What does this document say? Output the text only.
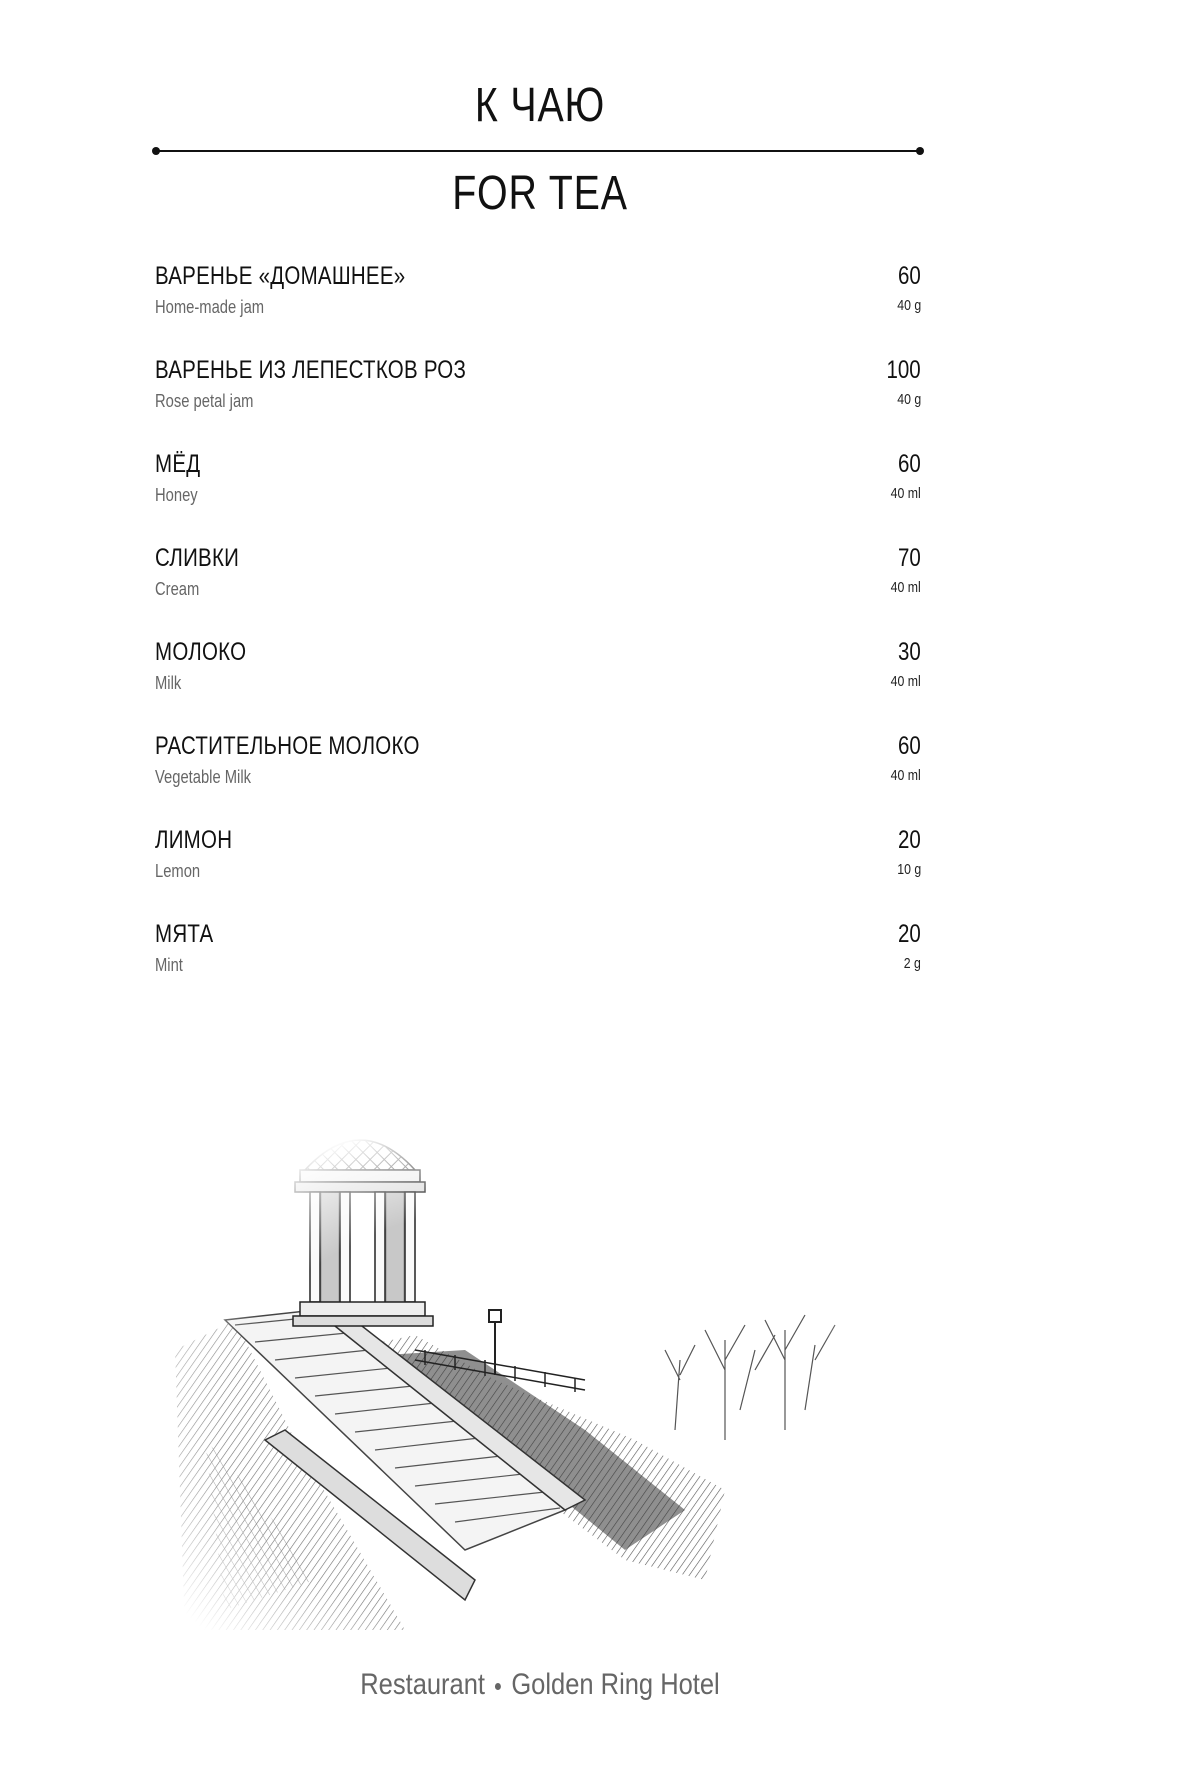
К ЧАЮ
FOR TEA
ВАРЕНЬЕ «ДОМАШНЕЕ»
Home-made jam
60
40 g
ВАРЕНЬЕ ИЗ ЛЕПЕСТКОВ РОЗ
Rose petal jam
100
40 g
МЁД
Honey
60
40 ml
СЛИВКИ
Cream
70
40 ml
МОЛОКО
Milk
30
40 ml
РАСТИТЕЛЬНОЕ МОЛОКО
Vegetable Milk
60
40 ml
ЛИМОН
Lemon
20
10 g
МЯТА
Mint
20
2 g
Restaurant Golden Ring Hotel
